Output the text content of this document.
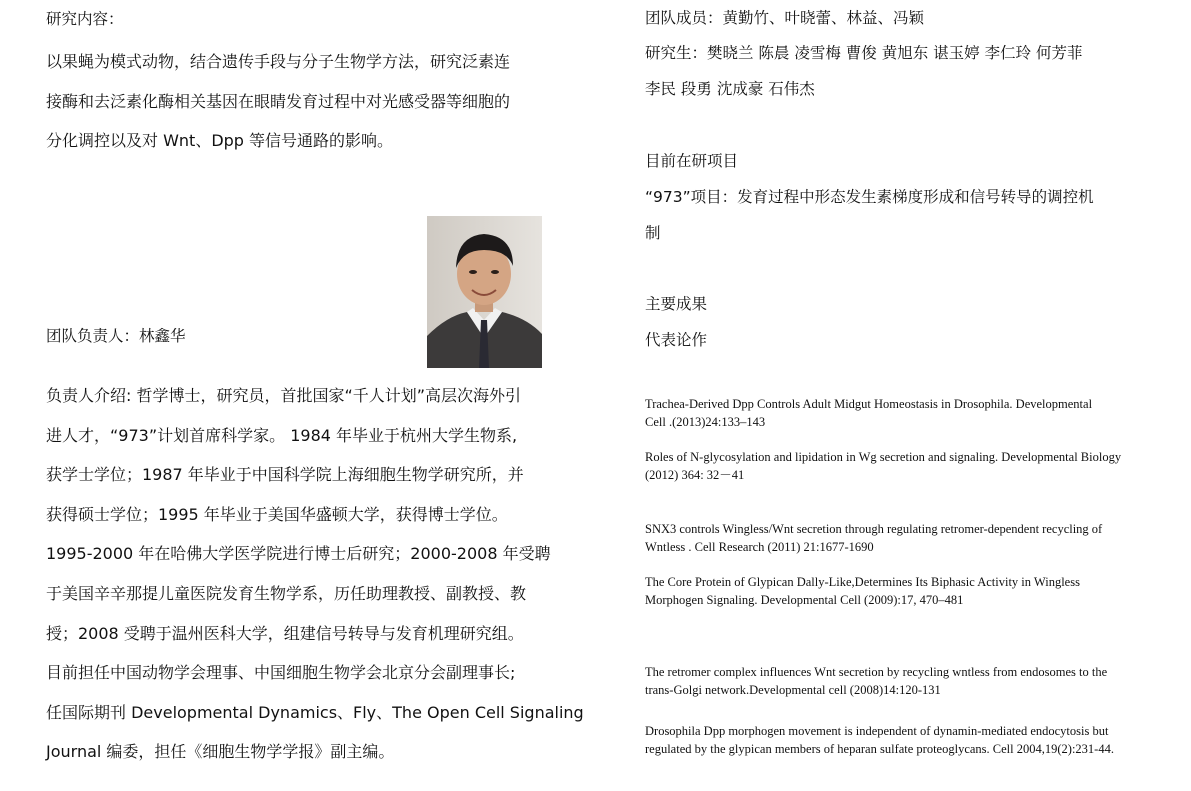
研究内容：
以果蝇为模式动物，结合遗传手段与分子生物学方法，研究泛素连
接酶和去泛素化酶相关基因在眼睛发育过程中对光感受器等细胞的
分化调控以及对 Wnt、Dpp 等信号通路的影响。
团队负责人：林鑫华
负责人介绍: 哲学博士，研究员，首批国家“千人计划”高层次海外引
进人才，“973”计划首席科学家。 1984 年毕业于杭州大学生物系,
获学士学位；1987 年毕业于中国科学院上海细胞生物学研究所，并
获得硕士学位；1995 年毕业于美国华盛顿大学，获得博士学位。
1995-2000 年在哈佛大学医学院进行博士后研究；2000-2008 年受聘
于美国辛辛那提儿童医院发育生物学系，历任助理教授、副教授、教
授；2008 受聘于温州医科大学，组建信号转导与发育机理研究组。
目前担任中国动物学会理事、中国细胞生物学会北京分会副理事长;
任国际期刊 Developmental Dynamics、Fly、The Open Cell Signaling
Journal 编委，担任《细胞生物学学报》副主编。
团队成员：黄勤竹、叶晓蕾、林益、冯颖
研究生：樊晓兰 陈晨 凌雪梅 曹俊 黄旭东 谌玉婷 李仁玲 何芳菲
李民 段勇 沈成豪 石伟杰
目前在研项目
“973”项目：发育过程中形态发生素梯度形成和信号转导的调控机
制
主要成果
代表论作
Trachea-Derived Dpp Controls Adult Midgut Homeostasis in Drosophila. Developmental
Cell .(2013)24:133–143
Roles of N-glycosylation and lipidation in Wg secretion and signaling. Developmental Biology
(2012) 364: 32－41
SNX3 controls Wingless/Wnt secretion through regulating retromer-dependent recycling of
Wntless . Cell Research (2011) 21:1677-1690
The Core Protein of Glypican Dally-Like,Determines Its Biphasic Activity in Wingless
Morphogen Signaling. Developmental Cell (2009):17, 470–481
The retromer complex influences Wnt secretion by recycling wntless from endosomes to the
trans-Golgi network.Developmental cell (2008)14:120-131
Drosophila Dpp morphogen movement is independent of dynamin-mediated endocytosis but
regulated by the glypican members of heparan sulfate proteoglycans. Cell 2004,19(2):231-44.
